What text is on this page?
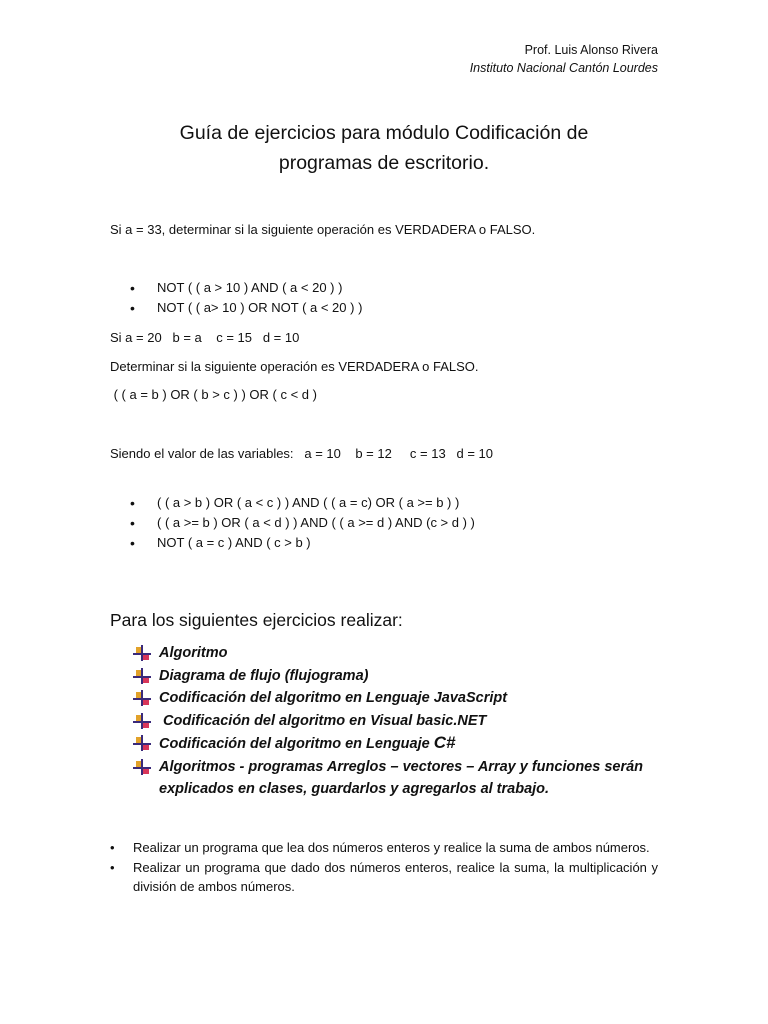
Prof. Luis Alonso Rivera
Instituto Nacional Cantón Lourdes
Guía de ejercicios para módulo Codificación de
programas de escritorio.
Si a = 33, determinar si la siguiente operación es VERDADERA o FALSO.
• NOT ( ( a > 10 ) AND ( a < 20 ) )
• NOT ( ( a> 10 ) OR NOT ( a < 20 ) )
Si a = 20   b = a    c = 15   d = 10
Determinar si la siguiente operación es VERDADERA o FALSO.
( ( a = b ) OR ( b > c ) ) OR ( c < d )
Siendo el valor de las variables:   a = 10    b = 12     c = 13   d = 10
• ( ( a > b ) OR ( a < c ) ) AND ( ( a = c) OR ( a >= b ) )
• ( ( a >= b ) OR ( a < d ) ) AND ( ( a >= d ) AND (c > d ) )
• NOT ( a = c ) AND ( c > b )
Para los siguientes ejercicios realizar:
Algoritmo
Diagrama de flujo (flujograma)
Codificación del algoritmo en Lenguaje JavaScript
Codificación del algoritmo en Visual basic.NET
Codificación del algoritmo en Lenguaje C#
Algoritmos - programas Arreglos – vectores – Array y funciones serán explicados en clases, guardarlos y agregarlos al trabajo.
• Realizar un programa que lea dos números enteros y realice la suma de ambos números.
• Realizar un programa que dado dos números enteros, realice la suma, la multiplicación y división de ambos números.
